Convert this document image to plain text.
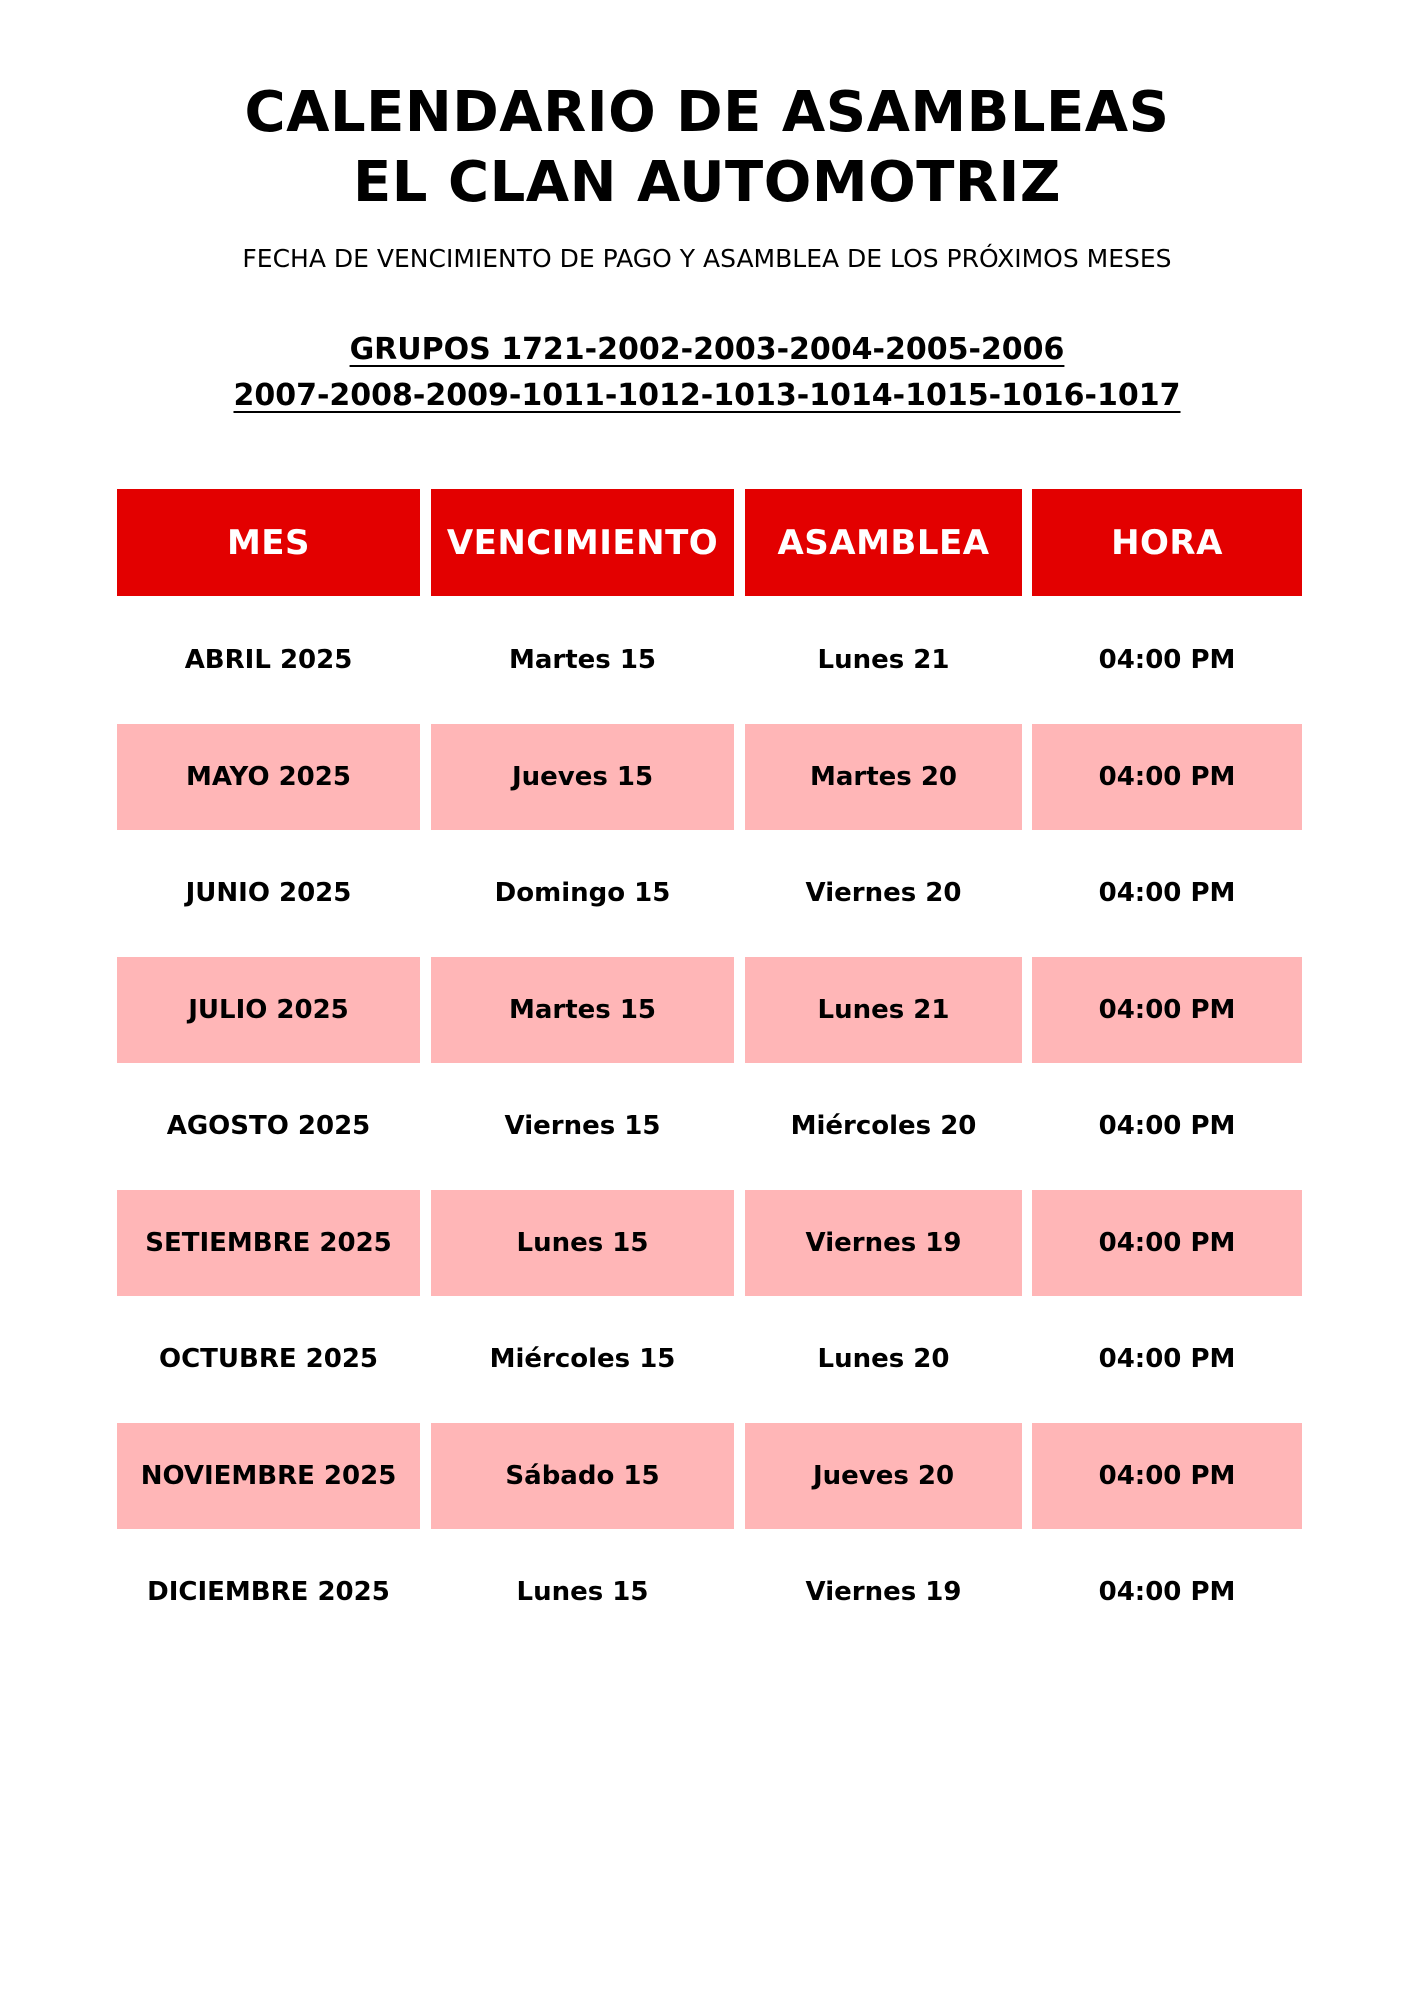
CALENDARIO DE ASAMBLEAS
EL CLAN AUTOMOTRIZ
FECHA DE VENCIMIENTO DE PAGO Y ASAMBLEA DE LOS PRÓXIMOS MESES
GRUPOS 1721-2002-2003-2004-2005-2006
2007-2008-2009-1011-1012-1013-1014-1015-1016-1017
MES	VENCIMIENTO	ASAMBLEA	HORA
ABRIL 2025	Martes 15	Lunes 21	04:00 PM
MAYO 2025	Jueves 15	Martes 20	04:00 PM
JUNIO 2025	Domingo 15	Viernes 20	04:00 PM
JULIO 2025	Martes 15	Lunes 21	04:00 PM
AGOSTO 2025	Viernes 15	Miércoles 20	04:00 PM
SETIEMBRE 2025	Lunes 15	Viernes 19	04:00 PM
OCTUBRE 2025	Miércoles 15	Lunes 20	04:00 PM
NOVIEMBRE 2025	Sábado 15	Jueves 20	04:00 PM
DICIEMBRE 2025	Lunes 15	Viernes 19	04:00 PM
